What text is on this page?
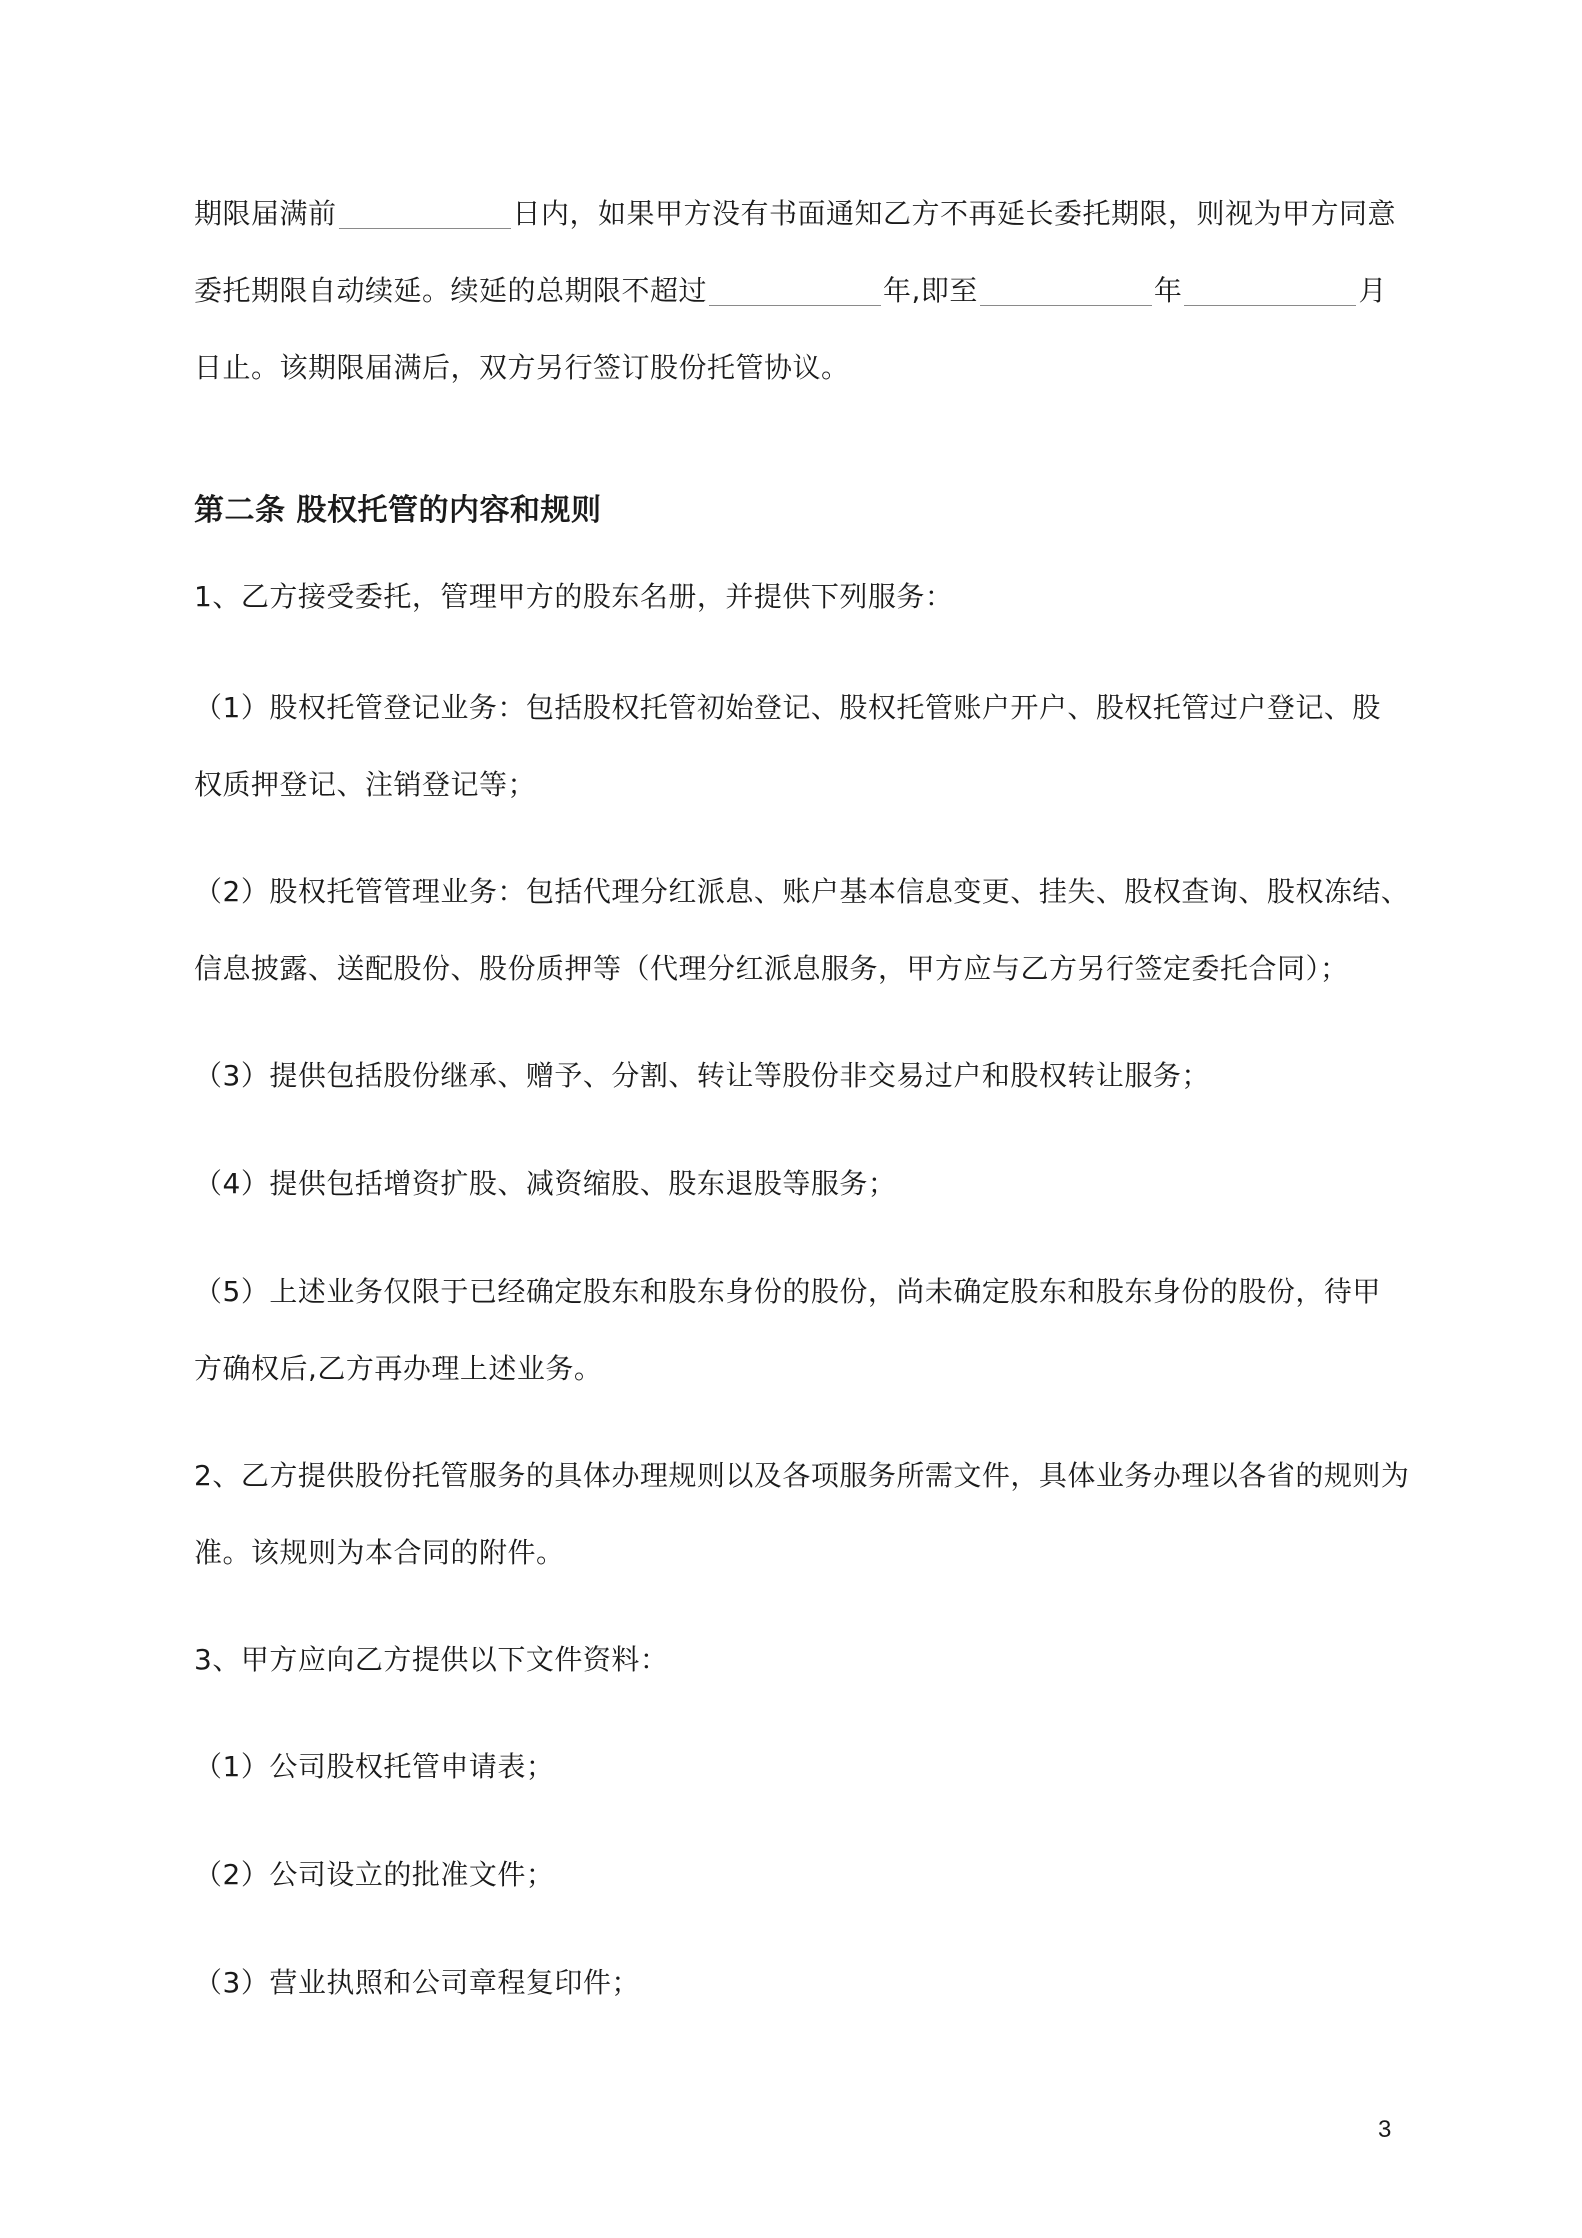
期限届满前	日内，如果甲方没有书面通知乙方不再延长委托期限，则视为甲方同意
委托期限自动续延。续延的总期限不超过	年,即至	年	月
日止。该期限届满后，双方另行签订股份托管协议。
第二条 股权托管的内容和规则
1、乙方接受委托，管理甲方的股东名册，并提供下列服务：
（1）股权托管登记业务：包括股权托管初始登记、股权托管账户开户、股权托管过户登记、股
权质押登记、注销登记等；
（2）股权托管管理业务：包括代理分红派息、账户基本信息变更、挂失、股权查询、股权冻结、
信息披露、送配股份、股份质押等（代理分红派息服务，甲方应与乙方另行签定委托合同）；
（3）提供包括股份继承、赠予、分割、转让等股份非交易过户和股权转让服务；
（4）提供包括增资扩股、减资缩股、股东退股等服务；
（5）上述业务仅限于已经确定股东和股东身份的股份，尚未确定股东和股东身份的股份，待甲
方确权后,乙方再办理上述业务。
2、乙方提供股份托管服务的具体办理规则以及各项服务所需文件，具体业务办理以各省的规则为
准。该规则为本合同的附件。
3、甲方应向乙方提供以下文件资料：
（1）公司股权托管申请表；
（2）公司设立的批准文件；
（3）营业执照和公司章程复印件；
3
